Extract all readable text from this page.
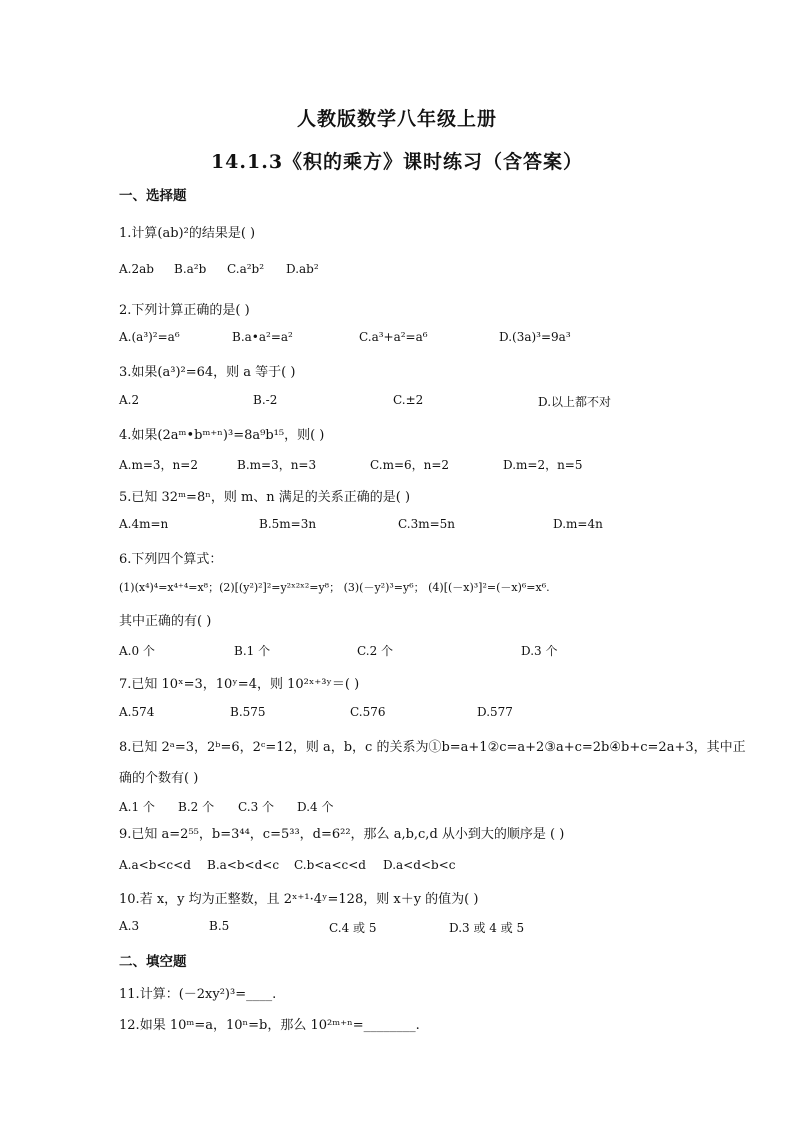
人教版数学八年级上册
14.1.3《积的乘方》课时练习（含答案）
一、选择题
1.计算(ab)²的结果是( )
A.2ab B.a²b C.a²b² D.ab²
2.下列计算正确的是( )
A.(a³)²=a⁶	B.a•a²=a²	C.a³+a²=a⁶	D.(3a)³=9a³
3.如果(a³)²=64，则 a 等于( )
A.2	B.-2	C.±2	D.以上都不对
4.如果(2aᵐ•bᵐ⁺ⁿ)³=8a⁹b¹⁵，则( )
A.m=3，n=2	B.m=3，n=3	C.m=6，n=2	D.m=2，n=5
5.已知 32ᵐ=8ⁿ，则 m、n 满足的关系正确的是( )
A.4m=n	B.5m=3n	C.3m=5n	D.m=4n
6.下列四个算式：
(1)(x⁴)⁴=x⁴⁺⁴=x⁸；(2)[(y²)²]²=y²ˣ²ˣ²=y⁸； (3)(－y²)³=y⁶； (4)[(－x)³]²=(－x)⁶=x⁶.
其中正确的有( )
A.0 个	B.1 个	C.2 个	D.3 个
7.已知 10ˣ=3，10ʸ=4，则 10²ˣ⁺³ʸ＝( )
A.574	B.575	C.576	D.577
8.已知 2ᵃ=3，2ᵇ=6，2ᶜ=12，则 a，b，c 的关系为①b=a+1②c=a+2③a+c=2b④b+c=2a+3，其中正
确的个数有( )
A.1 个 B.2 个 C.3 个 D.4 个
9.已知 a=2⁵⁵，b=3⁴⁴，c=5³³，d=6²²，那么 a,b,c,d 从小到大的顺序是 ( )
A.a<b<c<d B.a<b<d<c C.b<a<c<d D.a<d<b<c
10.若 x，y 均为正整数，且 2ˣ⁺¹·4ʸ=128，则 x＋y 的值为( )
A.3	B.5	C.4 或 5	D.3 或 4 或 5
二、填空题
11.计算：(－2xy²)³=____.
12.如果 10ᵐ=a，10ⁿ=b，那么 10²ᵐ⁺ⁿ=________.
